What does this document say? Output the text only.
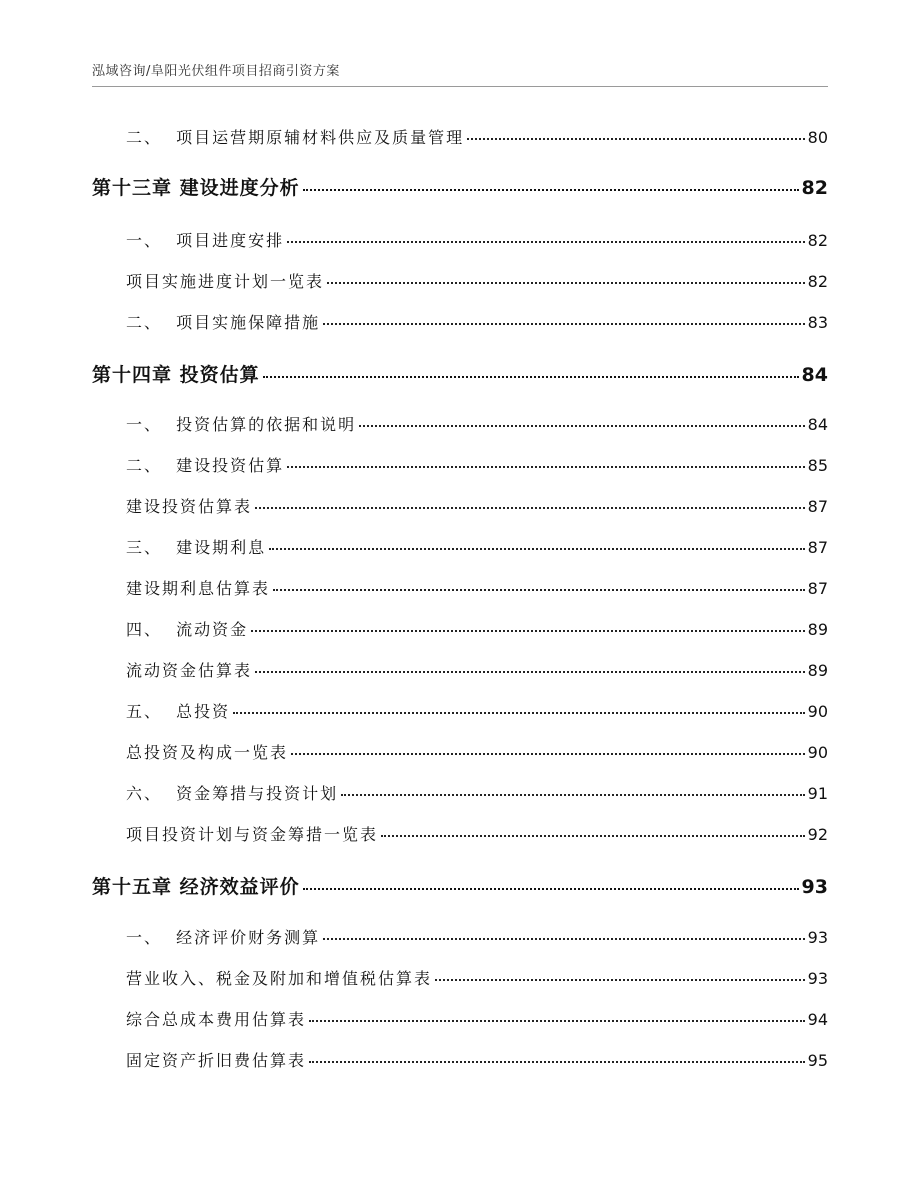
泓域咨询/阜阳光伏组件项目招商引资方案
二、  项目运营期原辅材料供应及质量管理	80
第十三章 建设进度分析	82
一、  项目进度安排	82
项目实施进度计划一览表	82
二、  项目实施保障措施	83
第十四章 投资估算	84
一、  投资估算的依据和说明	84
二、  建设投资估算	85
建设投资估算表	87
三、  建设期利息	87
建设期利息估算表	87
四、  流动资金	89
流动资金估算表	89
五、  总投资	90
总投资及构成一览表	90
六、  资金筹措与投资计划	91
项目投资计划与资金筹措一览表	92
第十五章 经济效益评价	93
一、  经济评价财务测算	93
营业收入、税金及附加和增值税估算表	93
综合总成本费用估算表	94
固定资产折旧费估算表	95
